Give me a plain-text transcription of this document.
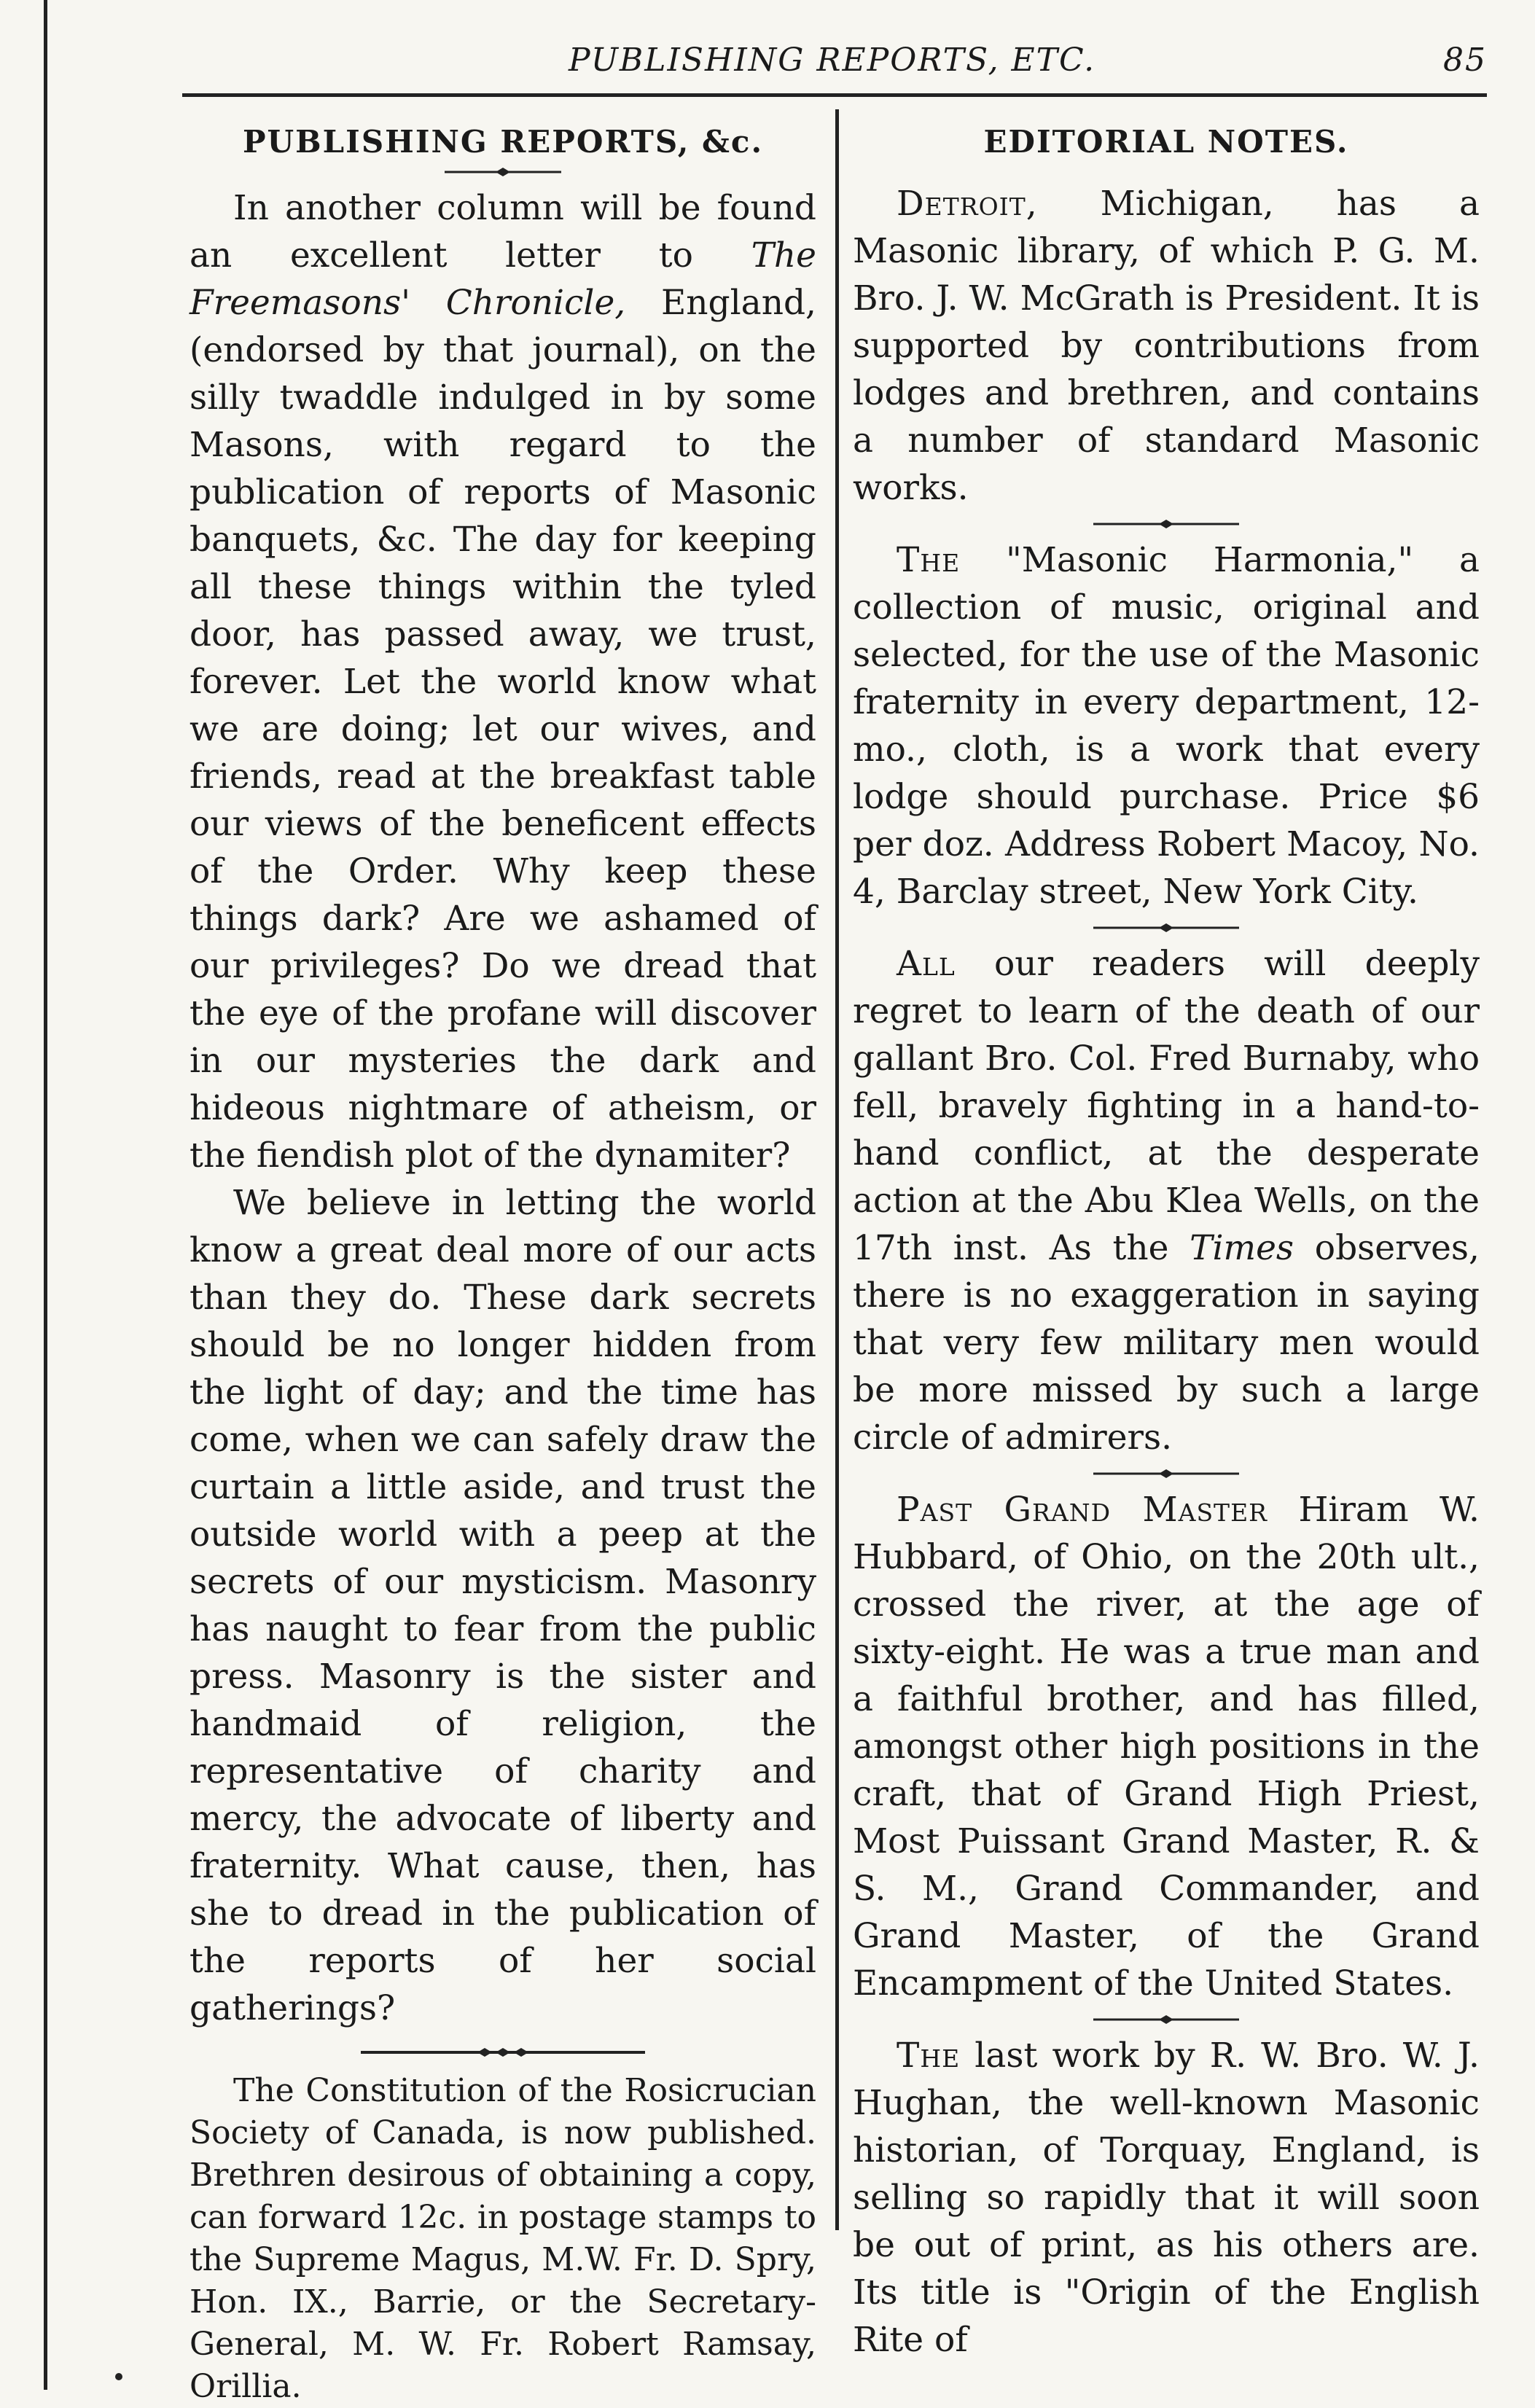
PUBLISHING REPORTS, ETC.	85
PUBLISHING REPORTS, &c.

In another column will be found an excellent letter to The Freemasons' Chronicle, England, (endorsed by that journal), on the silly twaddle indulged in by some Masons, with regard to the publication of reports of Masonic banquets, &c. The day for keeping all these things within the tyled door, has passed away, we trust, forever. Let the world know what we are doing; let our wives, and friends, read at the breakfast table our views of the beneficent effects of the Order. Why keep these things dark? Are we ashamed of our privileges? Do we dread that the eye of the profane will discover in our mysteries the dark and hideous nightmare of atheism, or the fiendish plot of the dynamiter?

We believe in letting the world know a great deal more of our acts than they do. These dark secrets should be no longer hidden from the light of day; and the time has come, when we can safely draw the curtain a little aside, and trust the outside world with a peep at the secrets of our mysticism. Masonry has naught to fear from the public press. Masonry is the sister and handmaid of religion, the representative of charity and mercy, the advocate of liberty and fraternity. What cause, then, has she to dread in the publication of the reports of her social gatherings?

The Constitution of the Rosicrucian Society of Canada, is now published. Brethren desirous of obtaining a copy, can forward 12c. in postage stamps to the Supreme Magus, M.W. Fr. D. Spry, Hon. IX., Barrie, or the Secretary-General, M. W. Fr. Robert Ramsay, Orillia.

EDITORIAL NOTES.

Detroit, Michigan, has a Masonic library, of which P. G. M. Bro. J. W. McGrath is President. It is supported by contributions from lodges and brethren, and contains a number of standard Masonic works.

The "Masonic Harmonia," a collection of music, original and selected, for the use of the Masonic fraternity in every department, 12-mo., cloth, is a work that every lodge should purchase. Price $6 per doz. Address Robert Macoy, No. 4, Barclay street, New York City.

All our readers will deeply regret to learn of the death of our gallant Bro. Col. Fred Burnaby, who fell, bravely fighting in a hand-to-hand conflict, at the desperate action at the Abu Klea Wells, on the 17th inst. As the Times observes, there is no exaggeration in saying that very few military men would be more missed by such a large circle of admirers.

Past Grand Master Hiram W. Hubbard, of Ohio, on the 20th ult., crossed the river, at the age of sixty-eight. He was a true man and a faithful brother, and has filled, amongst other high positions in the craft, that of Grand High Priest, Most Puissant Grand Master, R. & S. M., Grand Commander, and Grand Master, of the Grand Encampment of the United States.

The last work by R. W. Bro. W. J. Hughan, the well-known Masonic historian, of Torquay, England, is selling so rapidly that it will soon be out of print, as his others are. Its title is "Origin of the English Rite of
